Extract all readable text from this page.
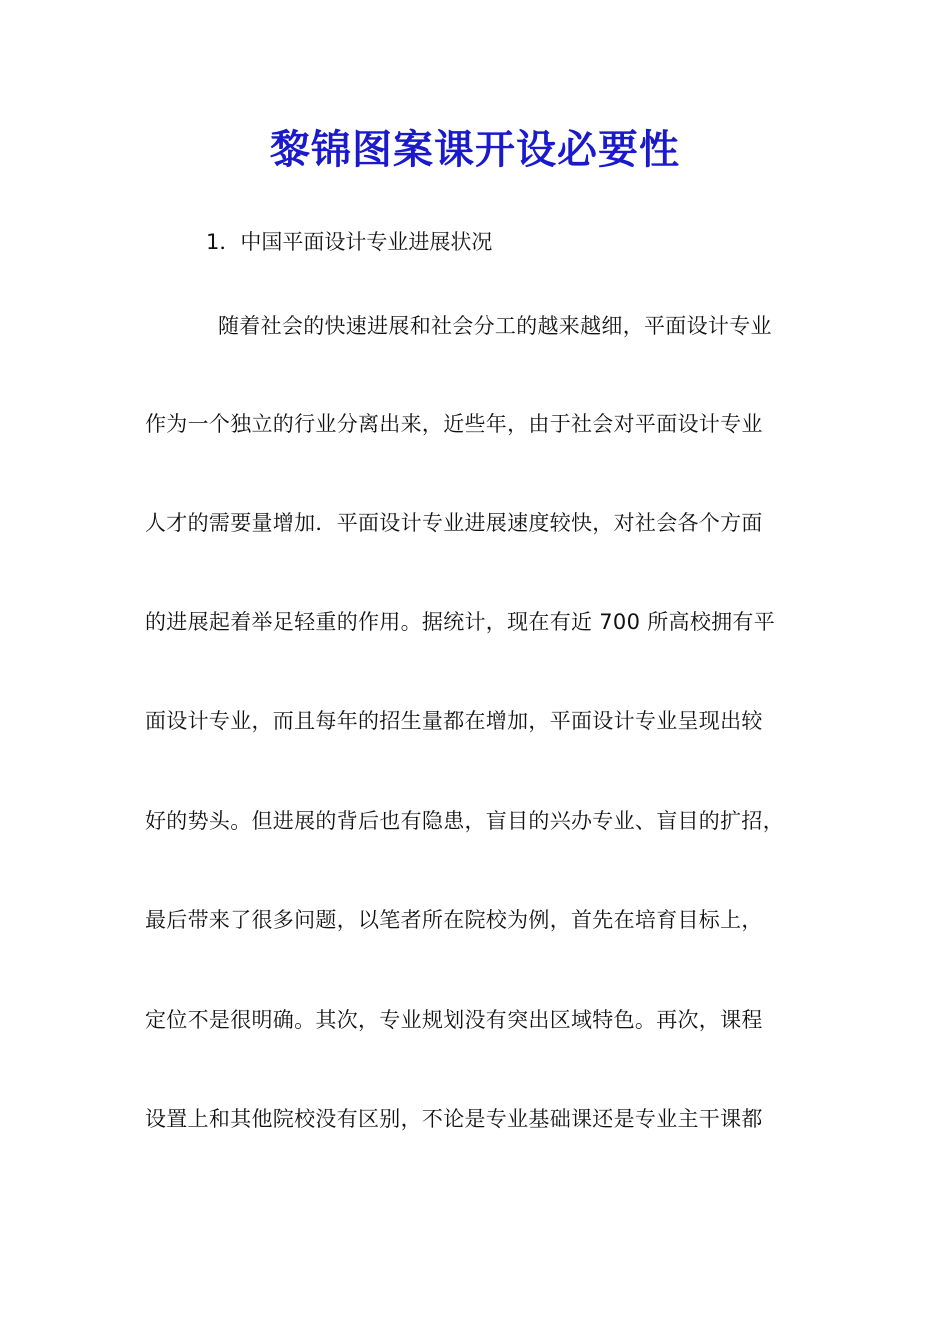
黎锦图案课开设必要性

1．中国平面设计专业进展状况

随着社会的快速进展和社会分工的越来越细，平面设计专业

作为一个独立的行业分离出来，近些年，由于社会对平面设计专业

人才的需要量增加．平面设计专业进展速度较快，对社会各个方面

的进展起着举足轻重的作用。据统计，现在有近 700 所高校拥有平

面设计专业，而且每年的招生量都在增加，平面设计专业呈现出较

好的势头。但进展的背后也有隐患，盲目的兴办专业、盲目的扩招，

最后带来了很多问题，以笔者所在院校为例，首先在培育目标上，

定位不是很明确。其次，专业规划没有突出区域特色。再次，课程

设置上和其他院校没有区别，不论是专业基础课还是专业主干课都
